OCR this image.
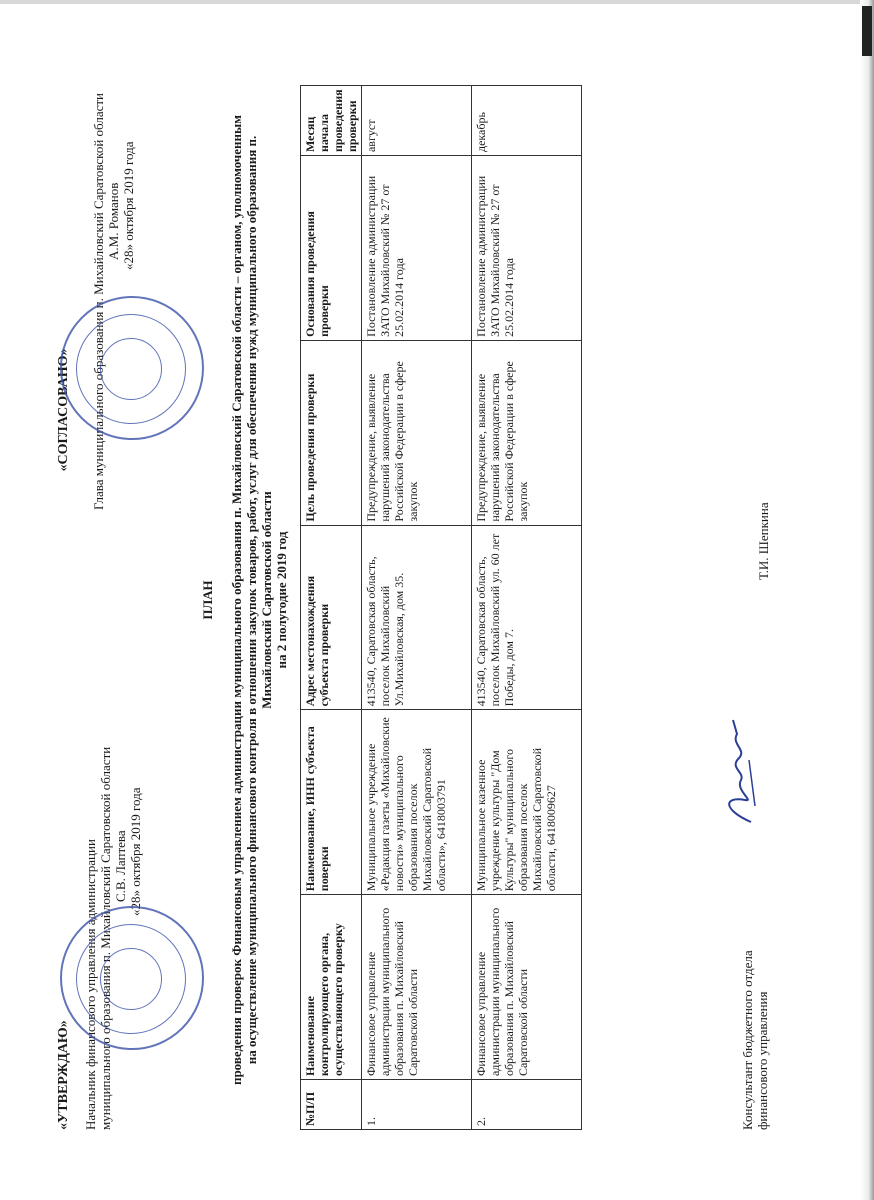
«УТВЕРЖДАЮ» Начальник финансового управления администрации муниципального образования п. Михайловский Саратовской области С.В. Лаптева «28» октября 2019 года
«СОГЛАСОВАНО» Глава муниципального образования п. Михайловский Саратовской области А.М. Романов «28» октября 2019 года
ПЛАН проведения проверок Финансовым управлением администрации муниципального образования п. Михайловский Саратовской области – органом, уполномоченным на осуществление муниципального финансового контроля в отношении закупок товаров, работ, услуг для обеспечения нужд муниципального образования п. Михайловский Саратовской области на 2 полугодие 2019 год
№П/П	Наименование контролирующего органа, осуществляющего проверку	Наименование, ИНН субъекта поверки	Адрес местонахождения субъекта проверки	Цель проведения проверки	Основания проведения проверки	Месяц начала проведения проверки
1.	Финансовое управление администрации муниципального образования п. Михайловский Саратовской области	Муниципальное учреждение «Редакция газеты «Михайловские новости» муниципального образования поселок Михайловский Саратовской области», 6418003791	413540, Саратовская область, поселок Михайловский Ул.Михайловская, дом 35.	Предупреждение, выявление нарушений законодательства Российской Федерации в сфере закупок	Постановление администрации ЗАТО Михайловский № 27 от 25.02.2014 года	август
2.	Финансовое управление администрации муниципального образования п. Михайловский Саратовской области	Муниципальное казенное учреждение культуры "Дом Культуры" муниципального образования поселок Михайловский Саратовской области, 6418009627	413540, Саратовская область, поселок Михайловский ул. 60 лет Победы, дом 7.	Предупреждение, выявление нарушений законодательства Российской Федерации в сфере закупок	Постановление администрации ЗАТО Михайловский № 27 от 25.02.2014 года	декабрь
Консультант бюджетного отдела финансового управления
Т.И. Шепкина
